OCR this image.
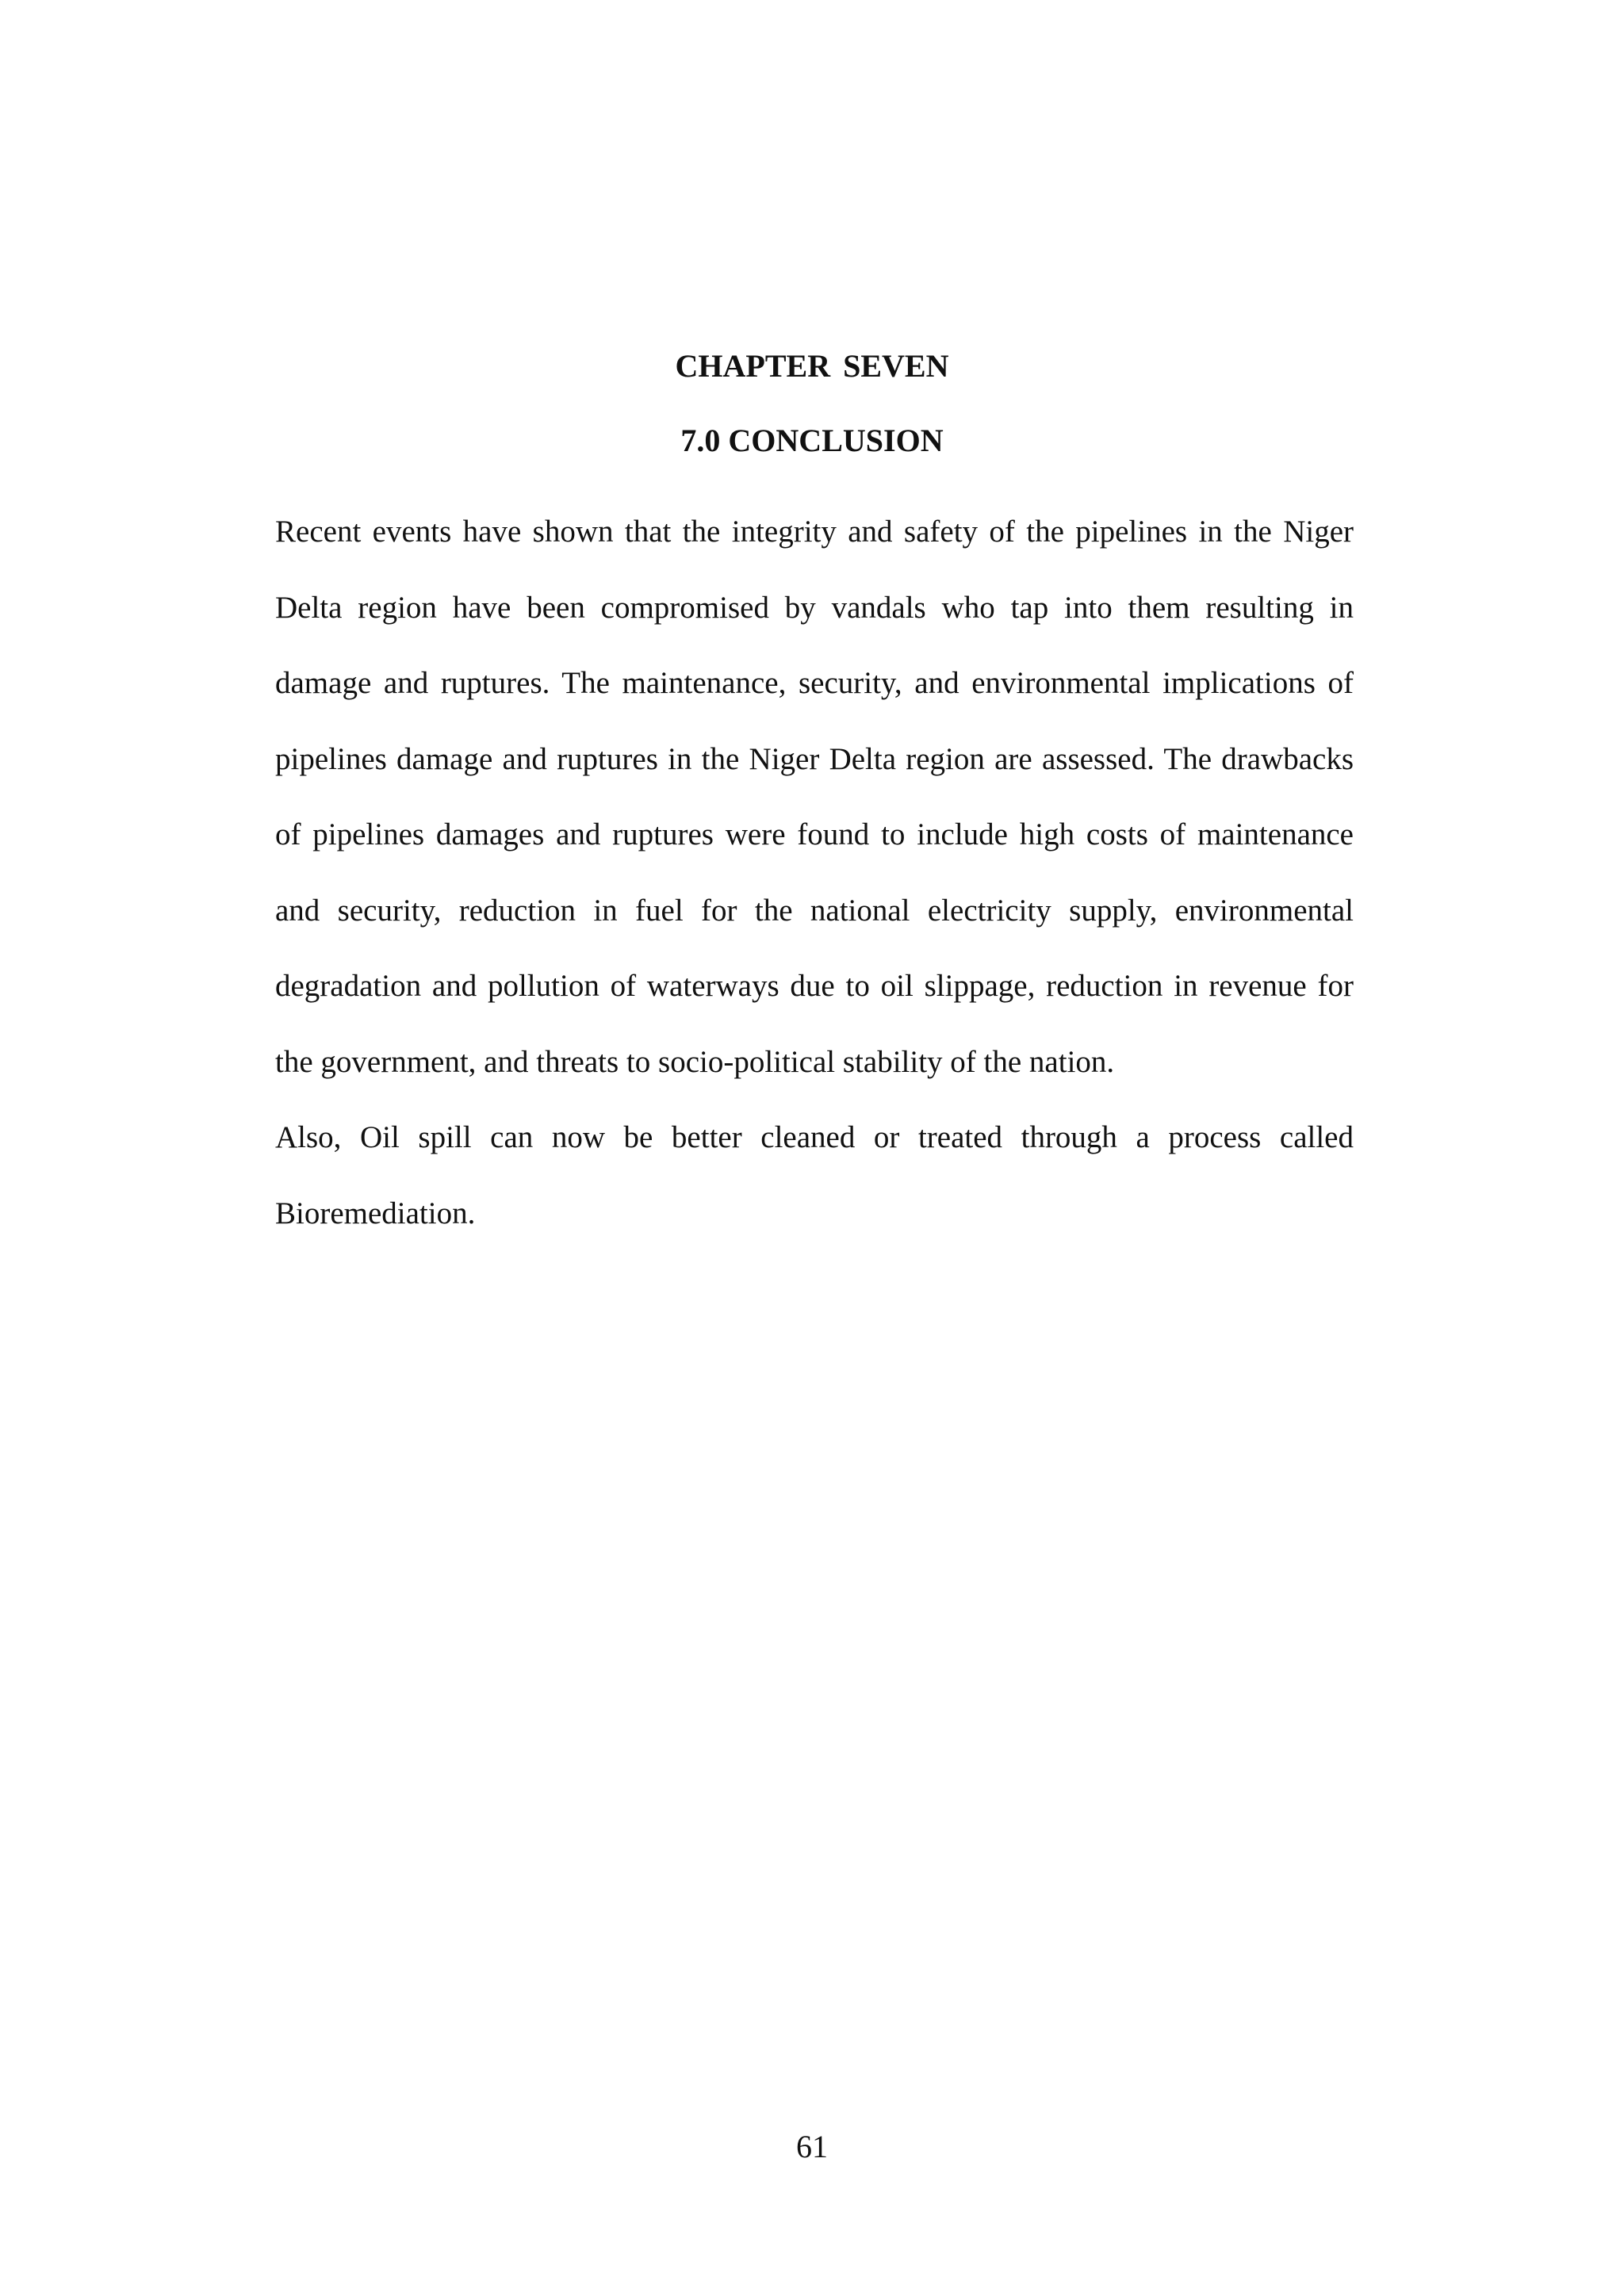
CHAPTER SEVEN
7.0 CONCLUSION

Recent events have shown that the integrity and safety of the pipelines in the Niger Delta region have been compromised by vandals who tap into them resulting in damage and ruptures. The maintenance, security, and environmental implications of pipelines damage and ruptures in the Niger Delta region are assessed. The drawbacks of pipelines damages and ruptures were found to include high costs of maintenance and security, reduction in fuel for the national electricity supply, environmental degradation and pollution of waterways due to oil slippage, reduction in revenue for the government, and threats to socio-political stability of the nation.

Also, Oil spill can now be better cleaned or treated through a process called Bioremediation.

61
